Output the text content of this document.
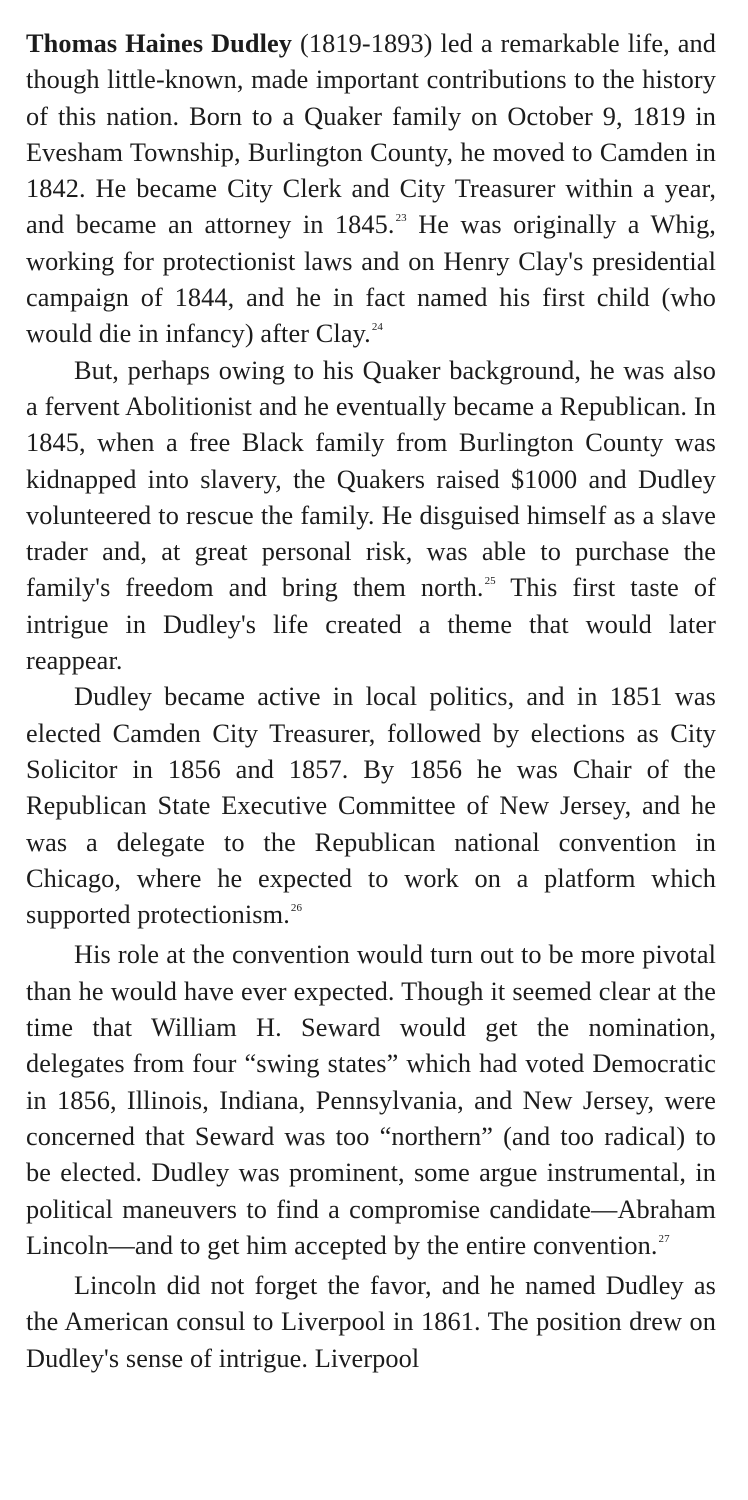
Thomas Haines Dudley (1819-1893) led a remarkable life, and though little-known, made important contributions to the history of this nation. Born to a Quaker family on October 9, 1819 in Evesham Township, Burlington County, he moved to Camden in 1842. He became City Clerk and City Treasurer within a year, and became an attorney in 1845.23 He was originally a Whig, working for protectionist laws and on Henry Clay's presidential campaign of 1844, and he in fact named his first child (who would die in infancy) after Clay.$^{24}$

But, perhaps owing to his Quaker background, he was also a fervent Abolitionist and he eventually became a Republican. In 1845, when a free Black family from Burlington County was kidnapped into slavery, the Quakers raised $1000 and Dudley volunteered to rescue the family. He disguised himself as a slave trader and, at great personal risk, was able to purchase the family's freedom and bring them north.$^{25}$ This first taste of intrigue in Dudley's life created a theme that would later reappear.

Dudley became active in local politics, and in 1851 was elected Camden City Treasurer, followed by elections as City Solicitor in 1856 and 1857. By 1856 he was Chair of the Republican State Executive Committee of New Jersey, and he was a delegate to the Republican national convention in Chicago, where he expected to work on a platform which supported protectionism.$^{26}$

His role at the convention would turn out to be more pivotal than he would have ever expected. Though it seemed clear at the time that William H. Seward would get the nomination, delegates from four “swing states” which had voted Democratic in 1856, Illinois, Indiana, Pennsylvania, and New Jersey, were concerned that Seward was too “northern” (and too radical) to be elected. Dudley was prominent, some argue instrumental, in political maneuvers to find a compromise candidate—Abraham Lincoln—and to get him accepted by the entire convention.$^{27}$

Lincoln did not forget the favor, and he named Dudley as the American consul to Liverpool in 1861. The position drew on Dudley's sense of intrigue. Liverpool
